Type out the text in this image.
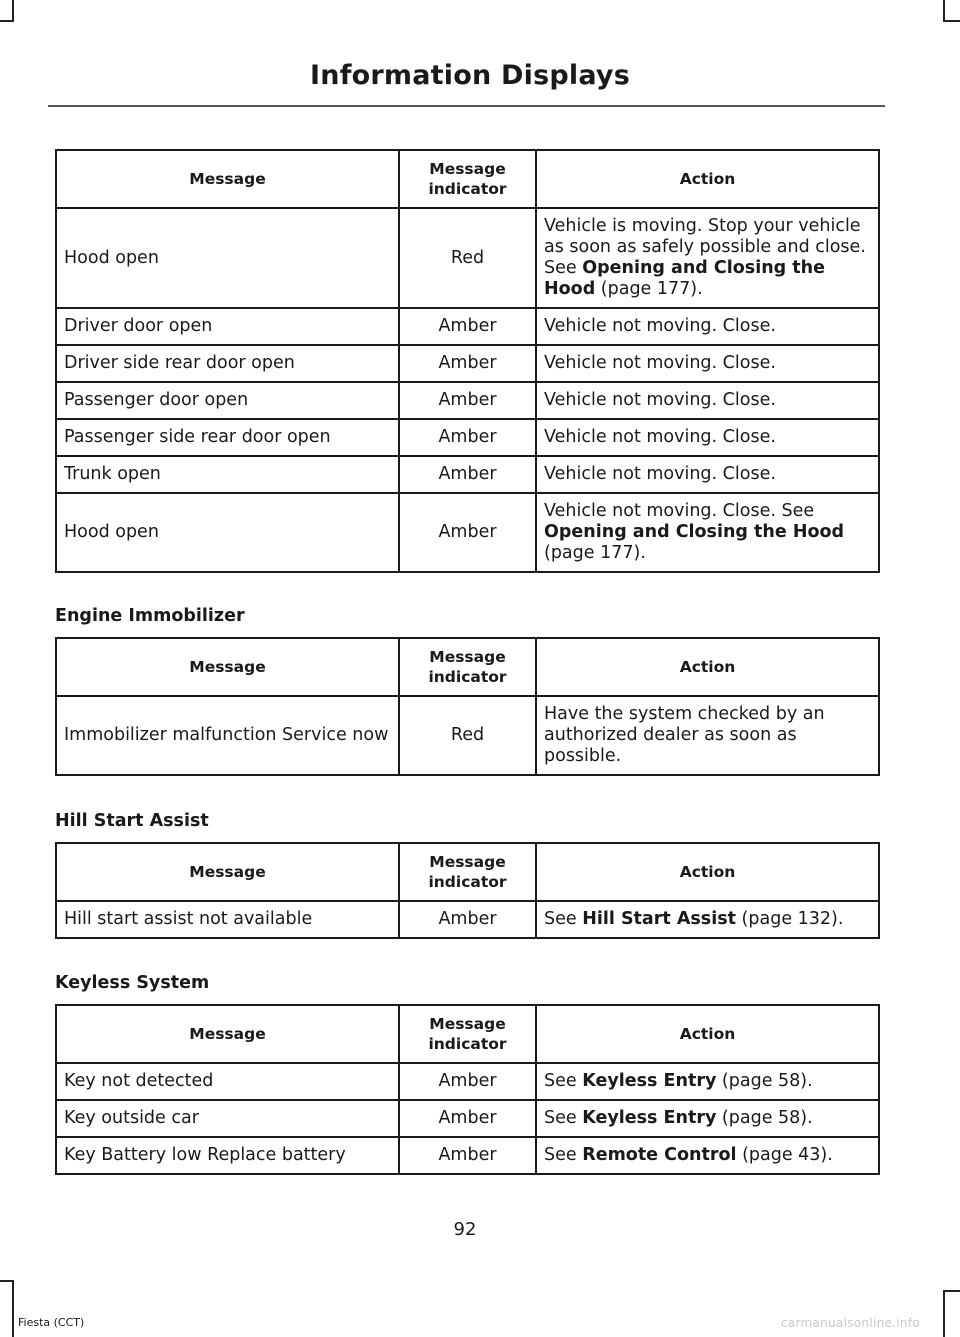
Information Displays
Message	Message indicator	Action
Hood open	Red	Vehicle is moving. Stop your vehicle as soon as safely possible and close. See Opening and Closing the Hood (page 177).
Driver door open	Amber	Vehicle not moving. Close.
Driver side rear door open	Amber	Vehicle not moving. Close.
Passenger door open	Amber	Vehicle not moving. Close.
Passenger side rear door open	Amber	Vehicle not moving. Close.
Trunk open	Amber	Vehicle not moving. Close.
Hood open	Amber	Vehicle not moving. Close. See Opening and Closing the Hood (page 177).
Engine Immobilizer
Message	Message indicator	Action
Immobilizer malfunction Service now	Red	Have the system checked by an authorized dealer as soon as possible.
Hill Start Assist
Message	Message indicator	Action
Hill start assist not available	Amber	See Hill Start Assist (page 132).
Keyless System
Message	Message indicator	Action
Key not detected	Amber	See Keyless Entry (page 58).
Key outside car	Amber	See Keyless Entry (page 58).
Key Battery low Replace battery	Amber	See Remote Control (page 43).
92
Fiesta (CCT)	carmanualsonline.info
